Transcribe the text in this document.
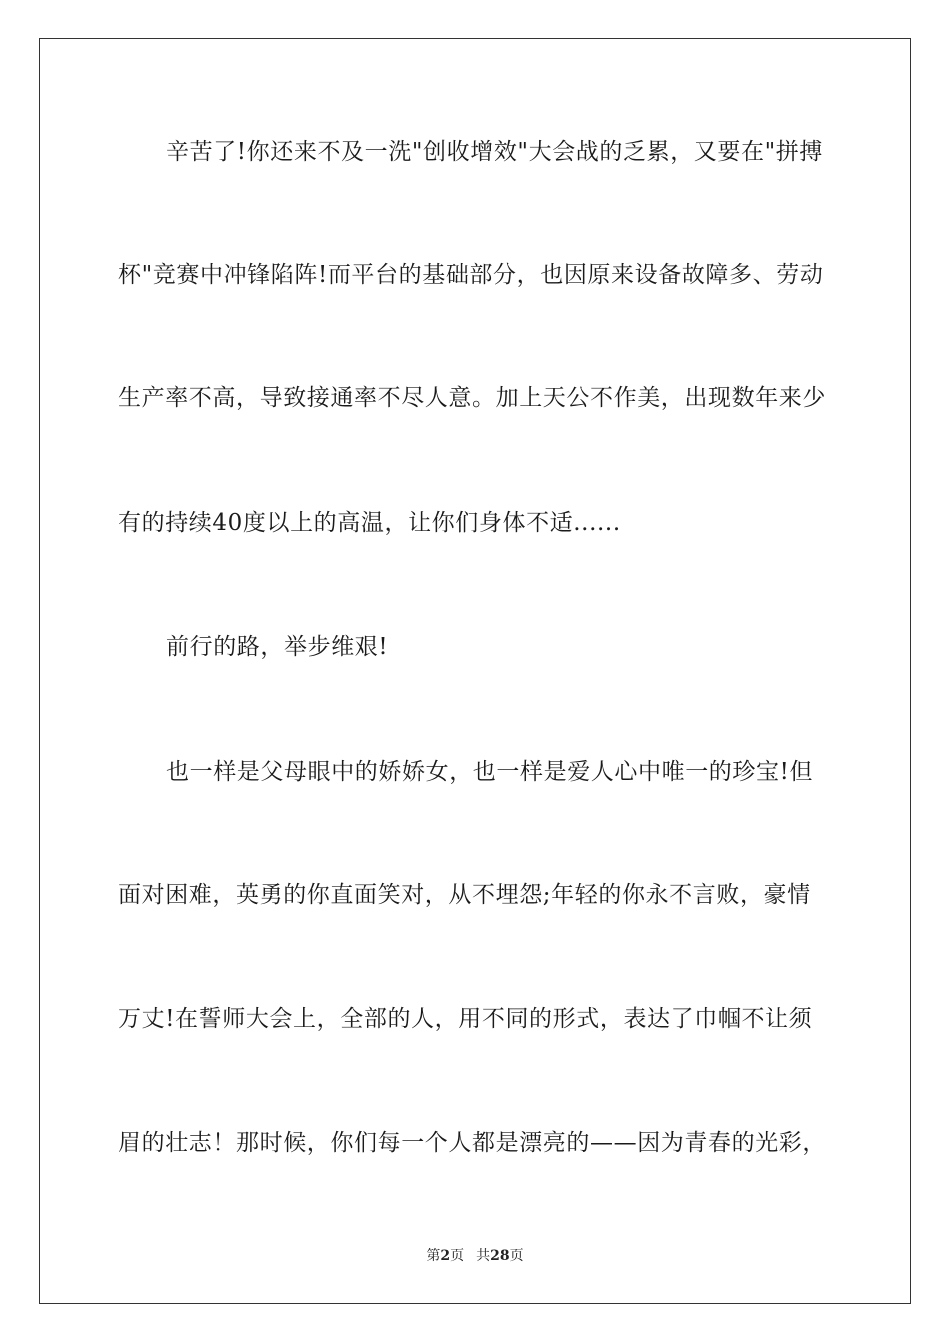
辛苦了!你还来不及一洗"创收增效"大会战的乏累，又要在"拼搏
杯"竞赛中冲锋陷阵!而平台的基础部分，也因原来设备故障多、劳动
生产率不高，导致接通率不尽人意。加上天公不作美，出现数年来少
有的持续40度以上的高温，让你们身体不适......
前行的路，举步维艰!
也一样是父母眼中的娇娇女，也一样是爱人心中唯一的珍宝!但
面对困难，英勇的你直面笑对，从不埋怨;年轻的你永不言败，豪情
万丈!在誓师大会上，全部的人，用不同的形式，表达了巾帼不让须
眉的壮志！那时候，你们每一个人都是漂亮的——因为青春的光彩，
第2页 共28页
